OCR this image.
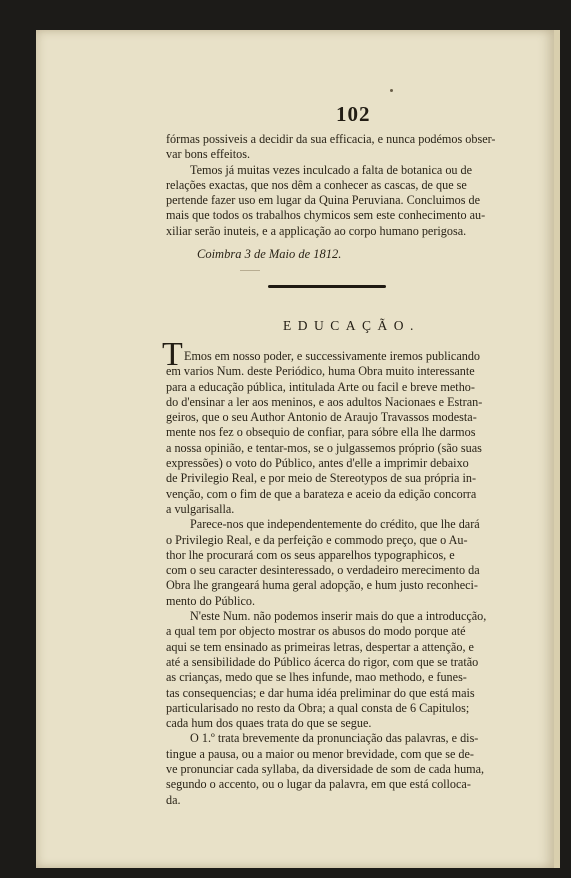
102
fórmas possiveis a decidir da sua efficacia, e nunca podémos obser-
var bons effeitos.
Temos já muitas vezes inculcado a falta de botanica ou de
relações exactas, que nos dêm a conhecer as cascas, de que se
pertende fazer uso em lugar da Quina Peruviana. Concluimos de
mais que todos os trabalhos chymicos sem este conhecimento au-
xiliar serão inuteis, e a applicação ao corpo humano perigosa.
Coimbra 3 de Maio de 1812.
EDUCAÇÃO.
T Emos em nosso poder, e successivamente iremos publicando
em varios Num. deste Periódico, huma Obra muito interessante
para a educação pública, intitulada Arte ou facil e breve metho-
do d'ensinar a ler aos meninos, e aos adultos Nacionaes e Estran-
geiros, que o seu Author Antonio de Araujo Travassos modesta-
mente nos fez o obsequio de confiar, para sóbre ella lhe darmos
a nossa opinião, e tentar-mos, se o julgassemos próprio (são suas
expressões) o voto do Público, antes d'elle a imprimir debaixo
de Privilegio Real, e por meio de Stereotypos de sua própria in-
venção, com o fim de que a barateza e aceio da edição concorra
a vulgarisalla.
Parece-nos que independentemente do crédito, que lhe dará
o Privilegio Real, e da perfeição e commodo preço, que o Au-
thor lhe procurará com os seus apparelhos typographicos, e
com o seu caracter desinteressado, o verdadeiro merecimento da
Obra lhe grangeará huma geral adopção, e hum justo reconheci-
mento do Público.
N'este Num. não podemos inserir mais do que a introducção,
a qual tem por objecto mostrar os abusos do modo porque até
aqui se tem ensinado as primeiras letras, despertar a attenção, e
até a sensibilidade do Público ácerca do rigor, com que se tratão
as crianças, medo que se lhes infunde, mao methodo, e funes-
tas consequencias; e dar huma idéa preliminar do que está mais
particularisado no resto da Obra; a qual consta de 6 Capitulos;
cada hum dos quaes trata do que se segue.
O 1.º trata brevemente da pronunciação das palavras, e dis-
tingue a pausa, ou a maior ou menor brevidade, com que se de-
ve pronunciar cada syllaba, da diversidade de som de cada huma,
segundo o accento, ou o lugar da palavra, em que está colloca-
da.
